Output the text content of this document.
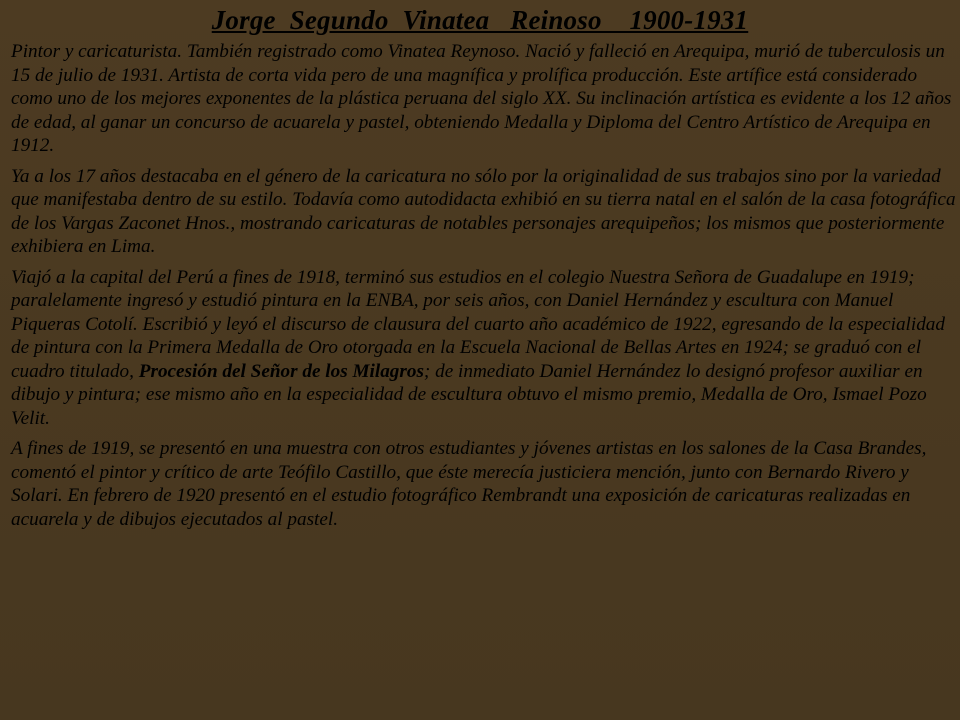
Jorge  Segundo  Vinatea   Reinoso    1900-1931

Pintor y caricaturista. También registrado como Vinatea Reynoso. Nació y falleció en Arequipa, murió de tuberculosis un 15 de julio de 1931. Artista de corta vida pero de una magnífica y prolífica producción. Este artífice está considerado como uno de los mejores exponentes de la plástica peruana del siglo XX. Su inclinación artística es evidente a los 12 años de edad, al ganar un concurso de acuarela y pastel, obteniendo Medalla y Diploma del Centro Artístico de Arequipa en 1912.

Ya a los 17 años destacaba en el género de la caricatura no sólo por la originalidad de sus trabajos sino por la variedad que manifestaba dentro de su estilo. Todavía como autodidacta exhibió en su tierra natal en el salón de la casa fotográfica de los Vargas Zaconet Hnos., mostrando caricaturas de notables personajes arequipeños; los mismos que posteriormente exhibiera en Lima.

Viajó a la capital del Perú a fines de 1918, terminó sus estudios en el colegio Nuestra Señora de Guadalupe en 1919; paralelamente ingresó y estudió pintura en la ENBA, por seis años, con Daniel Hernández y escultura con Manuel Piqueras Cotolí. Escribió y leyó el discurso de clausura del cuarto año académico de 1922, egresando de la especialidad de pintura con la Primera Medalla de Oro otorgada en la Escuela Nacional de Bellas Artes en 1924; se graduó con el cuadro titulado, Procesión del Señor de los Milagros; de inmediato Daniel Hernández lo designó profesor auxiliar en dibujo y pintura; ese mismo año en la especialidad de escultura obtuvo el mismo premio, Medalla de Oro, Ismael Pozo Velit.

A fines de 1919, se presentó en una muestra con otros estudiantes y jóvenes artistas en los salones de la Casa Brandes, comentó el pintor y crítico de arte Teófilo Castillo, que éste merecía justiciera mención, junto con Bernardo Rivero y Solari. En febrero de 1920 presentó en el estudio fotográfico Rembrandt una exposición de caricaturas realizadas en acuarela y de dibujos ejecutados al pastel.
